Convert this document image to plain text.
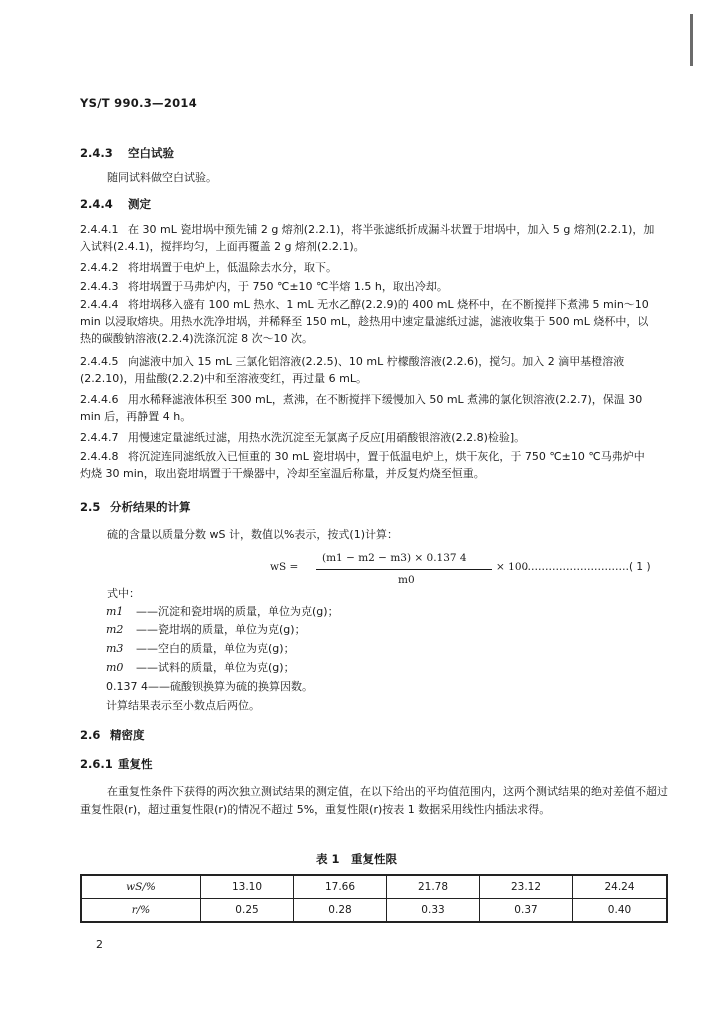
YS/T 990.3—2014
2.4.3 空白试验
随同试料做空白试验。
2.4.4 测定
2.4.4.1 在 30 mL 瓷坩埚中预先铺 2 g 熔剂(2.2.1)，将半张滤纸折成漏斗状置于坩埚中，加入 5 g 熔剂(2.2.1)，加入试料(2.4.1)，搅拌均匀，上面再覆盖 2 g 熔剂(2.2.1)。
2.4.4.2 将坩埚置于电炉上，低温除去水分，取下。
2.4.4.3 将坩埚置于马弗炉内，于 750 ℃±10 ℃半熔 1.5 h，取出冷却。
2.4.4.4 将坩埚移入盛有 100 mL 热水、1 mL 无水乙醇(2.2.9)的 400 mL 烧杯中，在不断搅拌下煮沸 5 min～10 min 以浸取熔块。用热水洗净坩埚，并稀释至 150 mL，趁热用中速定量滤纸过滤，滤液收集于 500 mL 烧杯中，以热的碳酸钠溶液(2.2.4)洗涤沉淀 8 次～10 次。
2.4.4.5 向滤液中加入 15 mL 三氯化铝溶液(2.2.5)、10 mL 柠檬酸溶液(2.2.6)，搅匀。加入 2 滴甲基橙溶液(2.2.10)，用盐酸(2.2.2)中和至溶液变红，再过量 6 mL。
2.4.4.6 用水稀释滤液体积至 300 mL，煮沸，在不断搅拌下缓慢加入 50 mL 煮沸的氯化钡溶液(2.2.7)，保温 30 min 后，再静置 4 h。
2.4.4.7 用慢速定量滤纸过滤，用热水洗沉淀至无氯离子反应[用硝酸银溶液(2.2.8)检验]。
2.4.4.8 将沉淀连同滤纸放入已恒重的 30 mL 瓷坩埚中，置于低温电炉上，烘干灰化，于 750 ℃±10 ℃马弗炉中灼烧 30 min，取出瓷坩埚置于干燥器中，冷却至室温后称量，并反复灼烧至恒重。
2.5 分析结果的计算
硫的含量以质量分数 wS 计，数值以%表示，按式(1)计算：
wS =
(m1 − m2 − m3) × 0.137 4
m0
× 100
…………………………( 1 )
式中：
m1 ——沉淀和瓷坩埚的质量，单位为克(g)；
m2 ——瓷坩埚的质量，单位为克(g)；
m3 ——空白的质量，单位为克(g)；
m0 ——试料的质量，单位为克(g)；
0.137 4——硫酸钡换算为硫的换算因数。
计算结果表示至小数点后两位。
2.6 精密度
2.6.1 重复性
在重复性条件下获得的两次独立测试结果的测定值，在以下给出的平均值范围内，这两个测试结果的绝对差值不超过重复性限(r)，超过重复性限(r)的情况不超过 5%，重复性限(r)按表 1 数据采用线性内插法求得。
表 1　重复性限
wS/%	13.10	17.66	21.78	23.12	24.24
r/%	0.25	0.28	0.33	0.37	0.40
2
